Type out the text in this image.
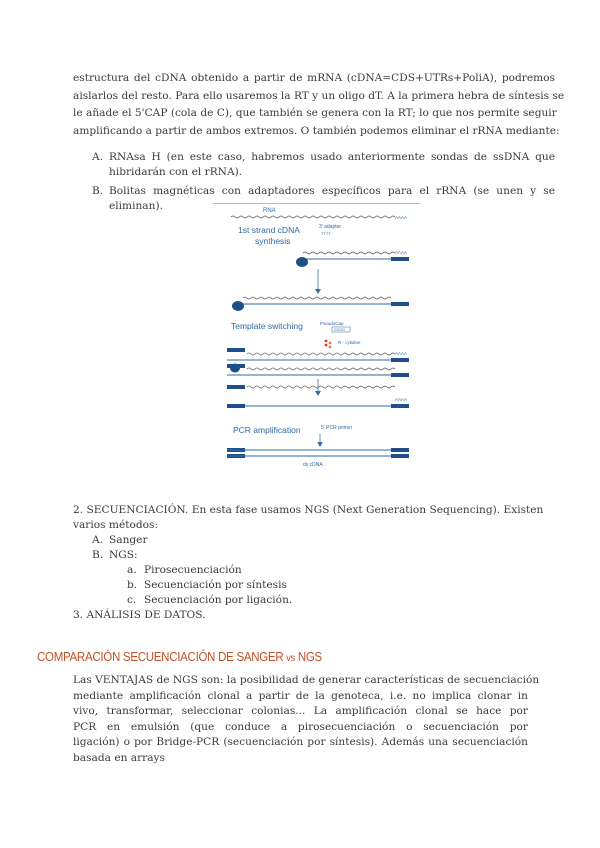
estructura del cDNA obtenido a partir de mRNA (cDNA=CDS+UTRs+PoliA), podremos
aislarlos del resto. Para ello usaremos la RT y un oligo dT. A la primera hebra de síntesis se
le añade el 5'CAP (cola de C), que también se genera con la RT; lo que nos permite seguir
amplificando a partir de ambos extremos. O también podemos eliminar el rRNA mediante:
A. RNAsa H (en este caso, habremos usado anteriormente sondas de ssDNA que
hibridarán con el rRNA).
B. Bolitas magnéticas con adaptadores específicos para el rRNA (se unen y se
eliminan).	RNA
AAAA
1st strand cDNA
synthesis
3' adapter
TTTT
AAAA
Template switching	PseudoCap
GGGG
R - cytidine
AAAA
AAAA
PCR amplification	5' PCR primer
ds cDNA
2. SECUENCIACIÓN. En esta fase usamos NGS (Next Generation Sequencing). Existen
varios métodos:
A. Sanger
B. NGS:
a. Pirosecuenciación
b. Secuenciación por síntesis
c. Secuenciación por ligación.
3. ANÁLISIS DE DATOS.
COMPARACIÓN SECUENCIACIÓN DE SANGER vs NGS
Las VENTAJAS de NGS son: la posibilidad de generar características de secuenciación
mediante amplificación clonal a partir de la genoteca, i.e. no implica clonar in
vivo, transformar, seleccionar colonias... La amplificación clonal se hace por
PCR en emulsión (que conduce a pirosecuenciación o secuenciación por
ligación) o por Bridge-PCR (secuenciación por síntesis). Además una secuenciación
basada en arrays
